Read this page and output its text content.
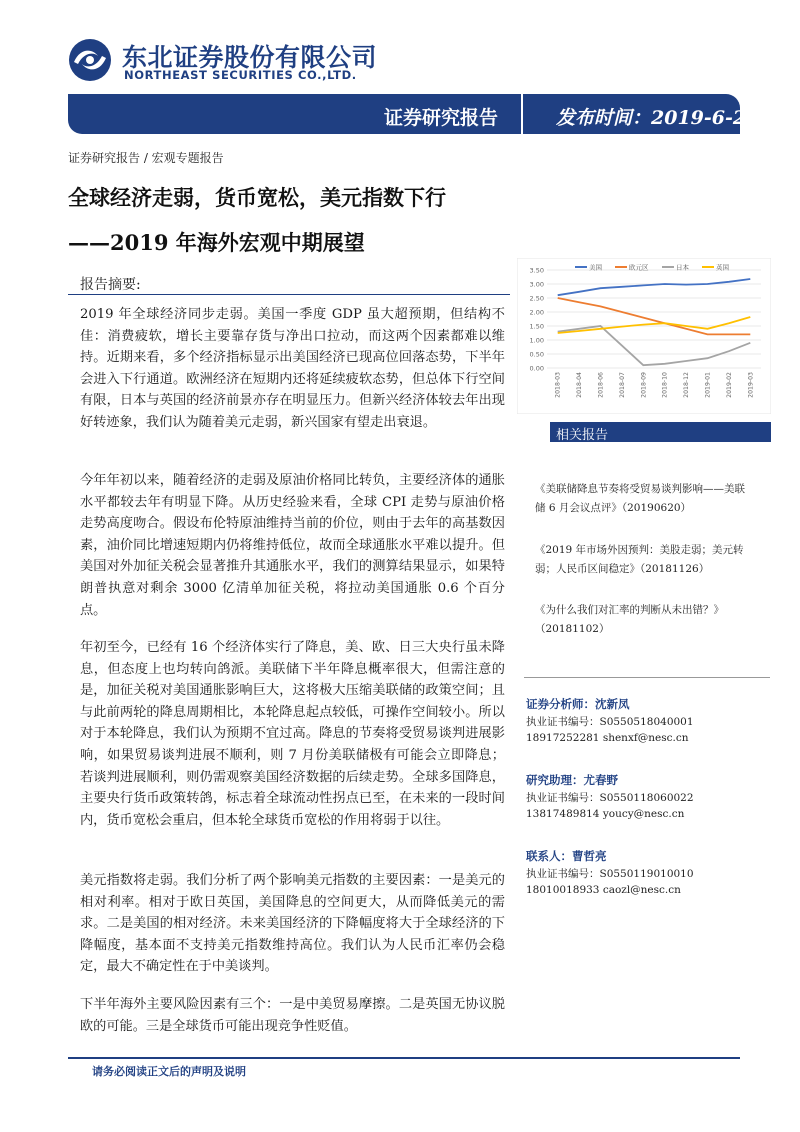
东北证券股份有限公司
NORTHEAST SECURITIES CO.,LTD.
证券研究报告	发布时间：2019-6-24
证券研究报告 / 宏观专题报告
全球经济走弱，货币宽松，美元指数下行
——2019 年海外宏观中期展望
报告摘要:

2019 年全球经济同步走弱。美国一季度 GDP 虽大超预期，但结构不佳：消费疲软，增长主要靠存货与净出口拉动，而这两个因素都难以维持。近期来看，多个经济指标显示出美国经济已现高位回落态势，下半年会进入下行通道。欧洲经济在短期内还将延续疲软态势，但总体下行空间有限，日本与英国的经济前景亦存在明显压力。但新兴经济体较去年出现好转迹象，我们认为随着美元走弱，新兴国家有望走出衰退。

今年年初以来，随着经济的走弱及原油价格同比转负，主要经济体的通胀水平都较去年有明显下降。从历史经验来看，全球 CPI 走势与原油价格走势高度吻合。假设布伦特原油维持当前的价位，则由于去年的高基数因素，油价同比增速短期内仍将维持低位，故而全球通胀水平难以提升。但美国对外加征关税会显著推升其通胀水平，我们的测算结果显示，如果特朗普执意对剩余 3000 亿清单加征关税，将拉动美国通胀 0.6 个百分点。

年初至今，已经有 16 个经济体实行了降息，美、欧、日三大央行虽未降息，但态度上也均转向鸽派。美联储下半年降息概率很大，但需注意的是，加征关税对美国通胀影响巨大，这将极大压缩美联储的政策空间；且与此前两轮的降息周期相比，本轮降息起点较低，可操作空间较小。所以对于本轮降息，我们认为预期不宜过高。降息的节奏将受贸易谈判进展影响，如果贸易谈判进展不顺利，则 7 月份美联储极有可能会立即降息；若谈判进展顺利，则仍需观察美国经济数据的后续走势。全球多国降息，主要央行货币政策转鸽，标志着全球流动性拐点已至，在未来的一段时间内，货币宽松会重启，但本轮全球货币宽松的作用将弱于以往。

美元指数将走弱。我们分析了两个影响美元指数的主要因素：一是美元的相对利率。相对于欧日英国，美国降息的空间更大，从而降低美元的需求。二是美国的相对经济。未来美国经济的下降幅度将大于全球经济的下降幅度，基本面不支持美元指数维持高位。我们认为人民币汇率仍会稳定，最大不确定性在于中美谈判。

下半年海外主要风险因素有三个：一是中美贸易摩擦。二是英国无协议脱欧的可能。三是全球货币可能出现竞争性贬值。

0.00
0.50
1.00
1.50
2.00
2.50
3.00
3.50
2018-03 2018-04 2018-06 2018-07 2018-09 2018-10 2018-12 2019-01 2019-02 2019-03
美国	欧元区	日本	英国
相关报告
《美联储降息节奏将受贸易谈判影响——美联储 6 月会议点评》（20190620）
《2019 年市场外因预判：美股走弱；美元转弱；人民币区间稳定》（20181126）
《为什么我们对汇率的判断从未出错？》（20181102）
证券分析师：沈新凤
执业证书编号：S0550518040001
18917252281 shenxf@nesc.cn
研究助理：尤春野
执业证书编号：S0550118060022
13817489814 youcy@nesc.cn
联系人：曹哲亮
执业证书编号：S0550119010010
18010018933 caozl@nesc.cn
请务必阅读正文后的声明及说明
